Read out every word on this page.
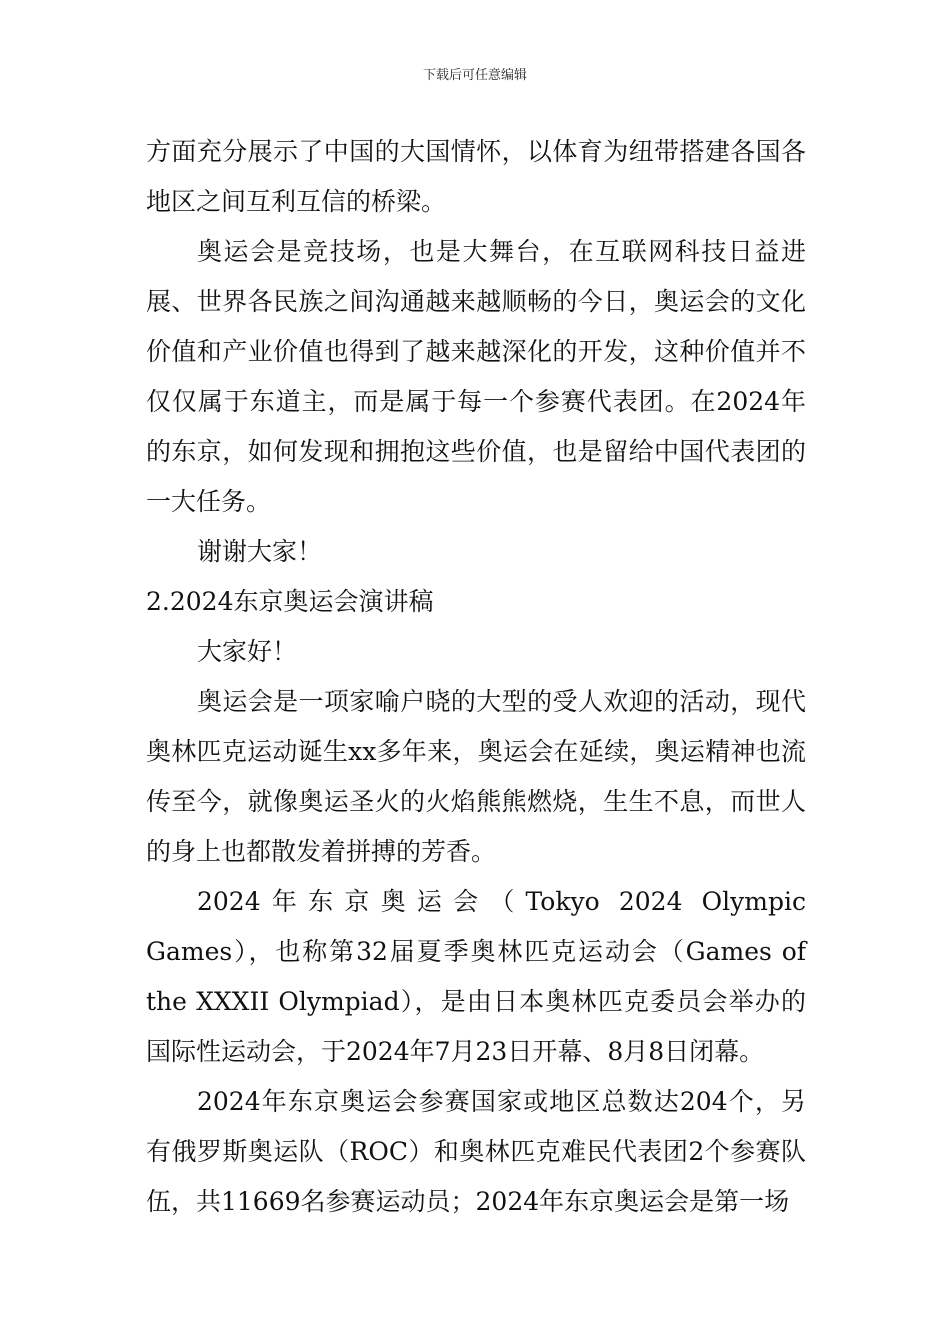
下载后可任意编辑

方面充分展示了中国的大国情怀，以体育为纽带搭建各国各地区之间互利互信的桥梁。

奥运会是竞技场，也是大舞台，在互联网科技日益进展、世界各民族之间沟通越来越顺畅的今日，奥运会的文化价值和产业价值也得到了越来越深化的开发，这种价值并不仅仅属于东道主，而是属于每一个参赛代表团。在2024年的东京，如何发现和拥抱这些价值，也是留给中国代表团的一大任务。

谢谢大家！

2.2024东京奥运会演讲稿

大家好！

奥运会是一项家喻户晓的大型的受人欢迎的活动，现代奥林匹克运动诞生xx多年来，奥运会在延续，奥运精神也流传至今，就像奥运圣火的火焰熊熊燃烧，生生不息，而世人的身上也都散发着拼搏的芳香。

2024年东京奥运会（Tokyo 2024 Olympic Games），也称第32届夏季奥林匹克运动会（Games of the XXXII Olympiad），是由日本奥林匹克委员会举办的国际性运动会，于2024年7月23日开幕、8月8日闭幕。

2024年东京奥运会参赛国家或地区总数达204个，另有俄罗斯奥运队（ROC）和奥林匹克难民代表团2个参赛队伍，共11669名参赛运动员；2024年东京奥运会是第一场
